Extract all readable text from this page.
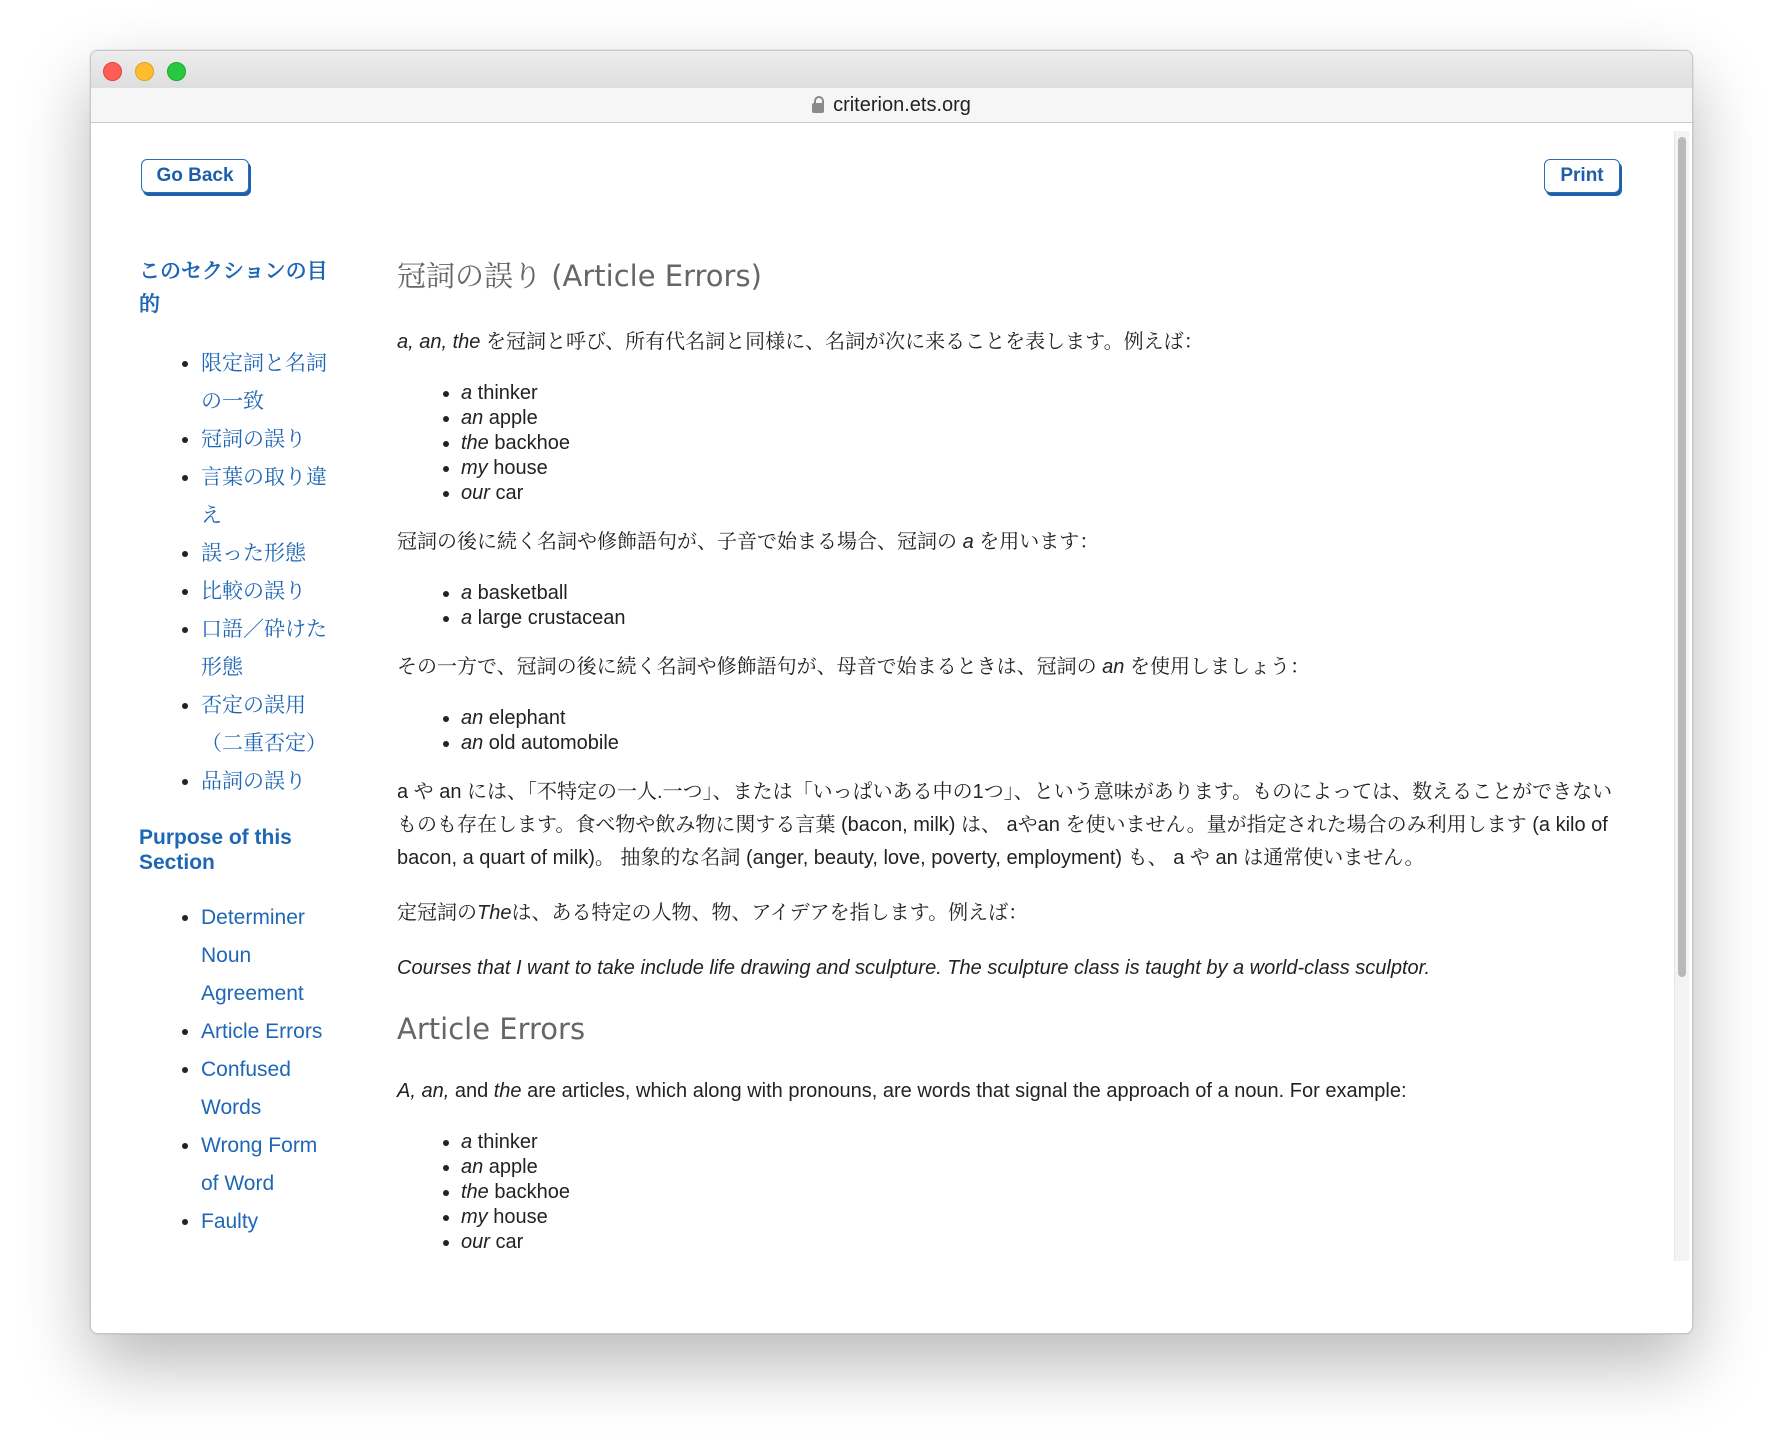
criterion.ets.org
Go Back	Print
このセクションの目的
• 限定詞と名詞の一致
• 冠詞の誤り
• 言葉の取り違え
• 誤った形態
• 比較の誤り
• 口語／砕けた形態
• 否定の誤用（二重否定）
• 品詞の誤り
Purpose of this Section
• Determiner Noun Agreement
• Article Errors
• Confused Words
• Wrong Form of Word
• Faulty
冠詞の誤り (Article Errors)

a, an, the を冠詞と呼び、所有代名詞と同様に、名詞が次に来ることを表します。例えば：

• a thinker
• an apple
• the backhoe
• my house
• our car

冠詞の後に続く名詞や修飾語句が、子音で始まる場合、冠詞の a を用います：

• a basketball
• a large crustacean

その一方で、冠詞の後に続く名詞や修飾語句が、母音で始まるときは、冠詞の an を使用しましょう：

• an elephant
• an old automobile

a や an には、「不特定の一人.一つ」、または「いっぱいある中の1つ」、という意味があります。ものによっては、数えることができないものも存在します。食べ物や飲み物に関する言葉 (bacon, milk) は、 aやan を使いません。量が指定された場合のみ利用します (a kilo of bacon, a quart of milk)。 抽象的な名詞 (anger, beauty, love, poverty, employment) も、 a や an は通常使いません。

定冠詞のTheは、ある特定の人物、物、アイデアを指します。例えば：

Courses that I want to take include life drawing and sculpture. The sculpture class is taught by a world-class sculptor.

Article Errors

A, an, and the are articles, which along with pronouns, are words that signal the approach of a noun. For example:

• a thinker
• an apple
• the backhoe
• my house
• our car
